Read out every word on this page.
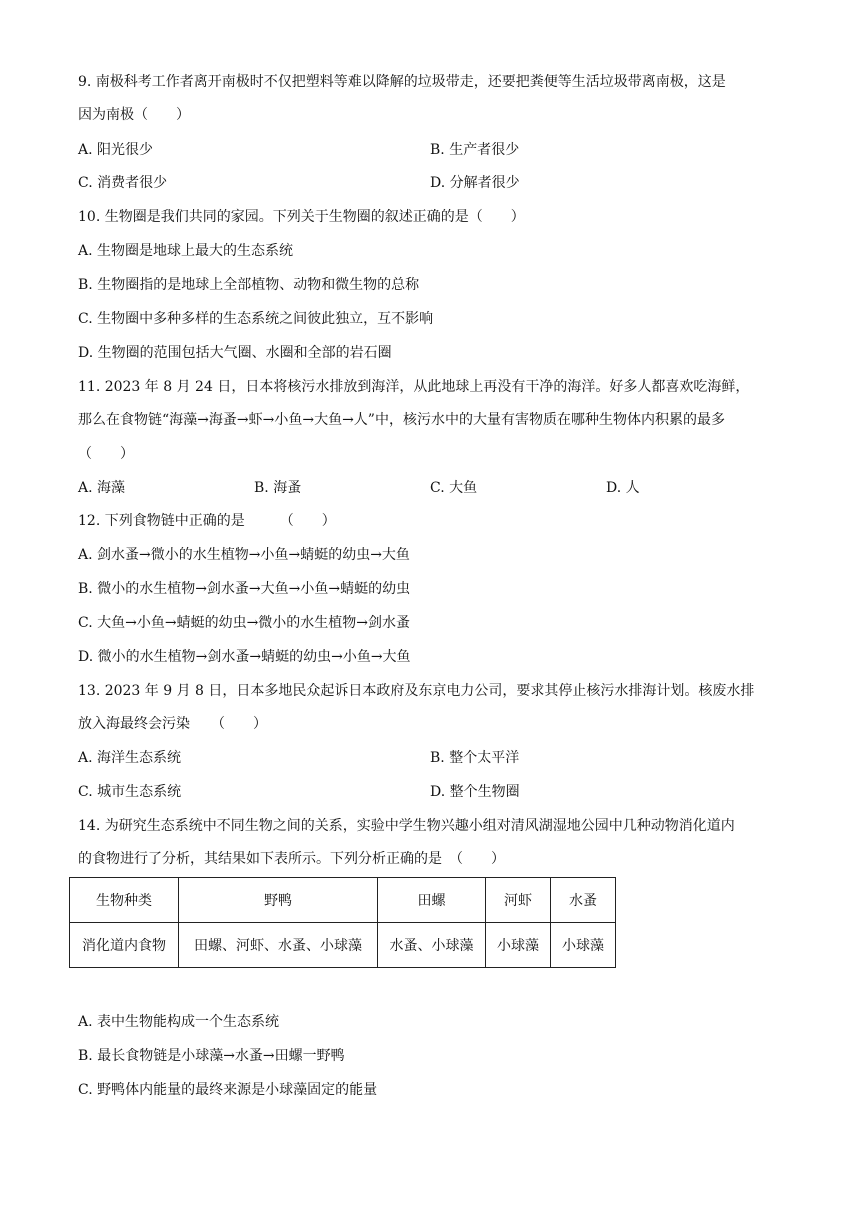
9. 南极科考工作者离开南极时不仅把塑料等难以降解的垃圾带走，还要把粪便等生活垃圾带离南极，这是
因为南极（　　）
A. 阳光很少	B. 生产者很少
C. 消费者很少	D. 分解者很少
10. 生物圈是我们共同的家园。下列关于生物圈的叙述正确的是（　　）
A. 生物圈是地球上最大的生态系统
B. 生物圈指的是地球上全部植物、动物和微生物的总称
C. 生物圈中多种多样的生态系统之间彼此独立，互不影响
D. 生物圈的范围包括大气圈、水圈和全部的岩石圈
11. 2023 年 8 月 24 日，日本将核污水排放到海洋，从此地球上再没有干净的海洋。好多人都喜欢吃海鲜，
那么在食物链“海藻→海蚤→虾→小鱼→大鱼→人”中，核污水中的大量有害物质在哪种生物体内积累的最多
（　　）
A. 海藻	B. 海蚤	C. 大鱼	D. 人
12. 下列食物链中正确的是　　　（　　）
A. 剑水蚤→微小的水生植物→小鱼→蜻蜓的幼虫→大鱼
B. 微小的水生植物→剑水蚤→大鱼→小鱼→蜻蜓的幼虫
C. 大鱼→小鱼→蜻蜓的幼虫→微小的水生植物→剑水蚤
D. 微小的水生植物→剑水蚤→蜻蜓的幼虫→小鱼→大鱼
13. 2023 年 9 月 8 日，日本多地民众起诉日本政府及东京电力公司，要求其停止核污水排海计划。核废水排
放入海最终会污染　　（　　）
A. 海洋生态系统	B. 整个太平洋
C. 城市生态系统	D. 整个生物圈
14. 为研究生态系统中不同生物之间的关系，实验中学生物兴趣小组对清风湖湿地公园中几种动物消化道内
的食物进行了分析，其结果如下表所示。下列分析正确的是　（　　）
生物种类	野鸭	田螺	河虾	水蚤
消化道内食物	田螺、河虾、水蚤、小球藻	水蚤、小球藻	小球藻	小球藻
A. 表中生物能构成一个生态系统
B. 最长食物链是小球藻→水蚤→田螺一野鸭
C. 野鸭体内能量的最终来源是小球藻固定的能量
